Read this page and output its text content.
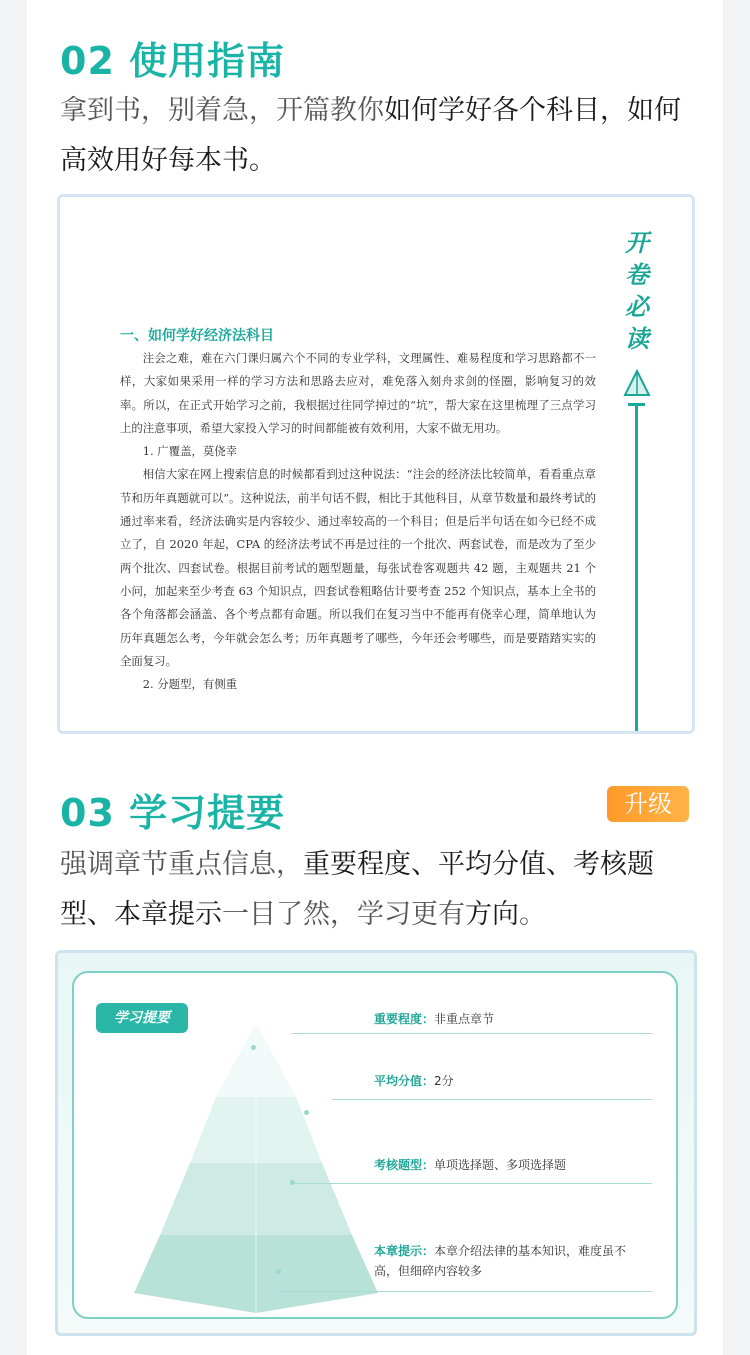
02 使用指南
拿到书，别着急，开篇教你如何学好各个科目，如何高效用好每本书。
开
卷
必
读
一、如何学好经济法科目

注会之难，难在六门课归属六个不同的专业学科，文理属性、难易程度和学习思路都不一样，大家如果采用一样的学习方法和思路去应对，难免落入刻舟求剑的怪圈，影响复习的效率。所以，在正式开始学习之前，我根据过往同学掉过的“坑”，帮大家在这里梳理了三点学习上的注意事项，希望大家投入学习的时间都能被有效利用，大家不做无用功。

1. 广覆盖，莫侥幸

相信大家在网上搜索信息的时候都看到过这种说法：“注会的经济法比较简单，看看重点章节和历年真题就可以”。这种说法，前半句话不假，相比于其他科目，从章节数量和最终考试的通过率来看，经济法确实是内容较少、通过率较高的一个科目；但是后半句话在如今已经不成立了，自 2020 年起，CPA 的经济法考试不再是过往的一个批次、两套试卷，而是改为了至少两个批次、四套试卷。根据目前考试的题型题量，每张试卷客观题共 42 题，主观题共 21 个小问，加起来至少考查 63 个知识点，四套试卷粗略估计要考查 252 个知识点，基本上全书的各个角落都会涵盖、各个考点都有命题。所以我们在复习当中不能再有侥幸心理，简单地认为历年真题怎么考，今年就会怎么考；历年真题考了哪些，今年还会考哪些，而是要踏踏实实的全面复习。

2. 分题型，有侧重

03 学习提要	升级
强调章节重点信息，重要程度、平均分值、考核题型、本章提示一目了然，学习更有方向。
学习提要	重要程度：非重点章节
平均分值：2分
考核题型：单项选择题、多项选择题
本章提示：本章介绍法律的基本知识，难度虽不高，但细碎内容较多
